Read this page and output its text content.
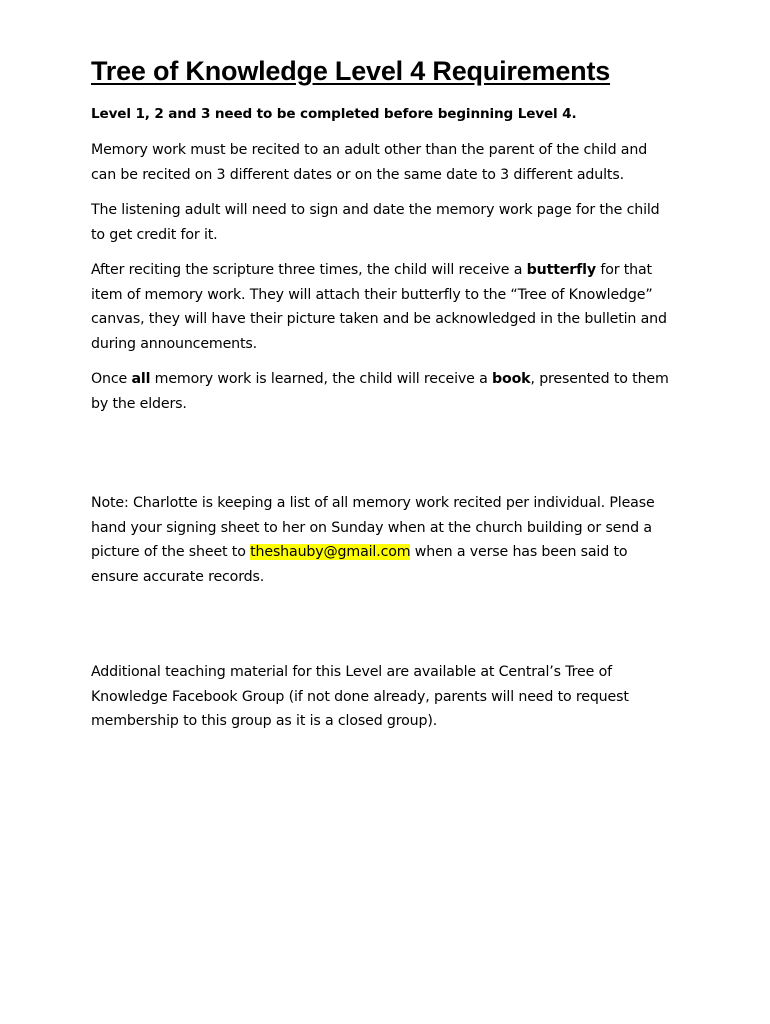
Tree of Knowledge Level 4 Requirements

Level 1, 2 and 3 need to be completed before beginning Level 4.

Memory work must be recited to an adult other than the parent of the child and
can be recited on 3 different dates or on the same date to 3 different adults.

The listening adult will need to sign and date the memory work page for the child
to get credit for it.

After reciting the scripture three times, the child will receive a butterfly for that
item of memory work. They will attach their butterfly to the “Tree of Knowledge”
canvas, they will have their picture taken and be acknowledged in the bulletin and
during announcements.

Once all memory work is learned, the child will receive a book, presented to them
by the elders.

Note: Charlotte is keeping a list of all memory work recited per individual. Please
hand your signing sheet to her on Sunday when at the church building or send a
picture of the sheet to theshauby@gmail.com when a verse has been said to
ensure accurate records.

Additional teaching material for this Level are available at Central’s Tree of
Knowledge Facebook Group (if not done already, parents will need to request
membership to this group as it is a closed group).
